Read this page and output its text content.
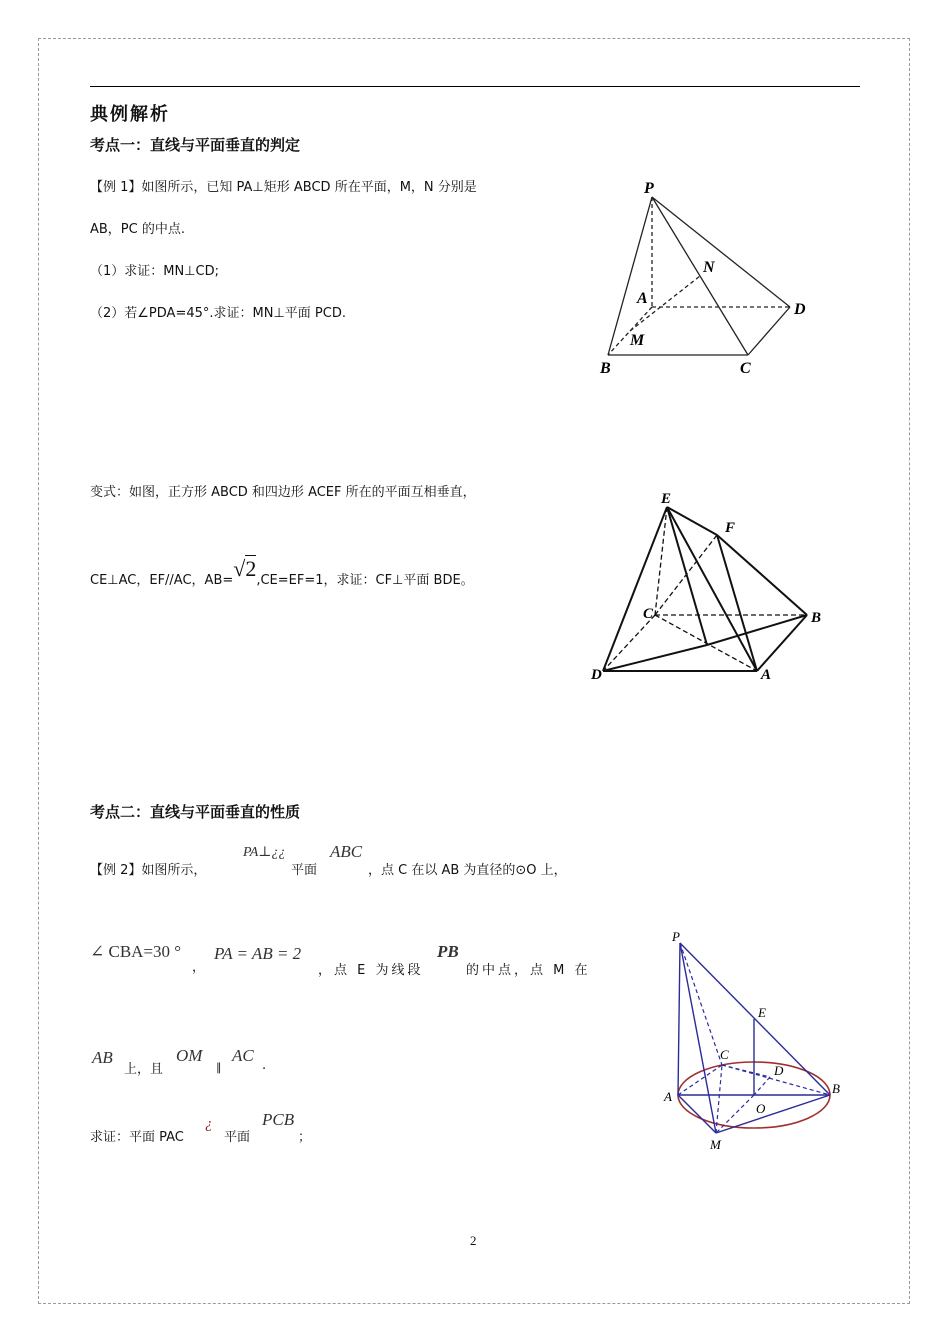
典例解析
考点一：直线与平面垂直的判定
【例 1】如图所示，已知 PA⊥矩形 ABCD 所在平面，M，N 分别是
AB，PC 的中点.
（1）求证：MN⊥CD;
（2）若∠PDA=45°.求证：MN⊥平面 PCD.
P
N
A
D
M
B	C
变式：如图，正方形 ABCD 和四边形 ACEF 所在的平面互相垂直，
CE⊥AC，EF//AC，AB=√2,CE=EF=1，求证：CF⊥平面 BDE。
E
F
C	B
D	A
考点二：直线与平面垂直的性质
【例 2】如图所示，
PA⊥¿¿
平面
ABC
，点 C 在以 AB 为直径的⊙O 上，
∠ CBA=30 °
，
PA = AB = 2
，点 E 为线段
PB
的中点，点 M 在
AB
上，且
OM
∥
AC
.
求证：平面 PAC
¿
平面
PCB
；
P
E
C
D
A
O
B
M
2
